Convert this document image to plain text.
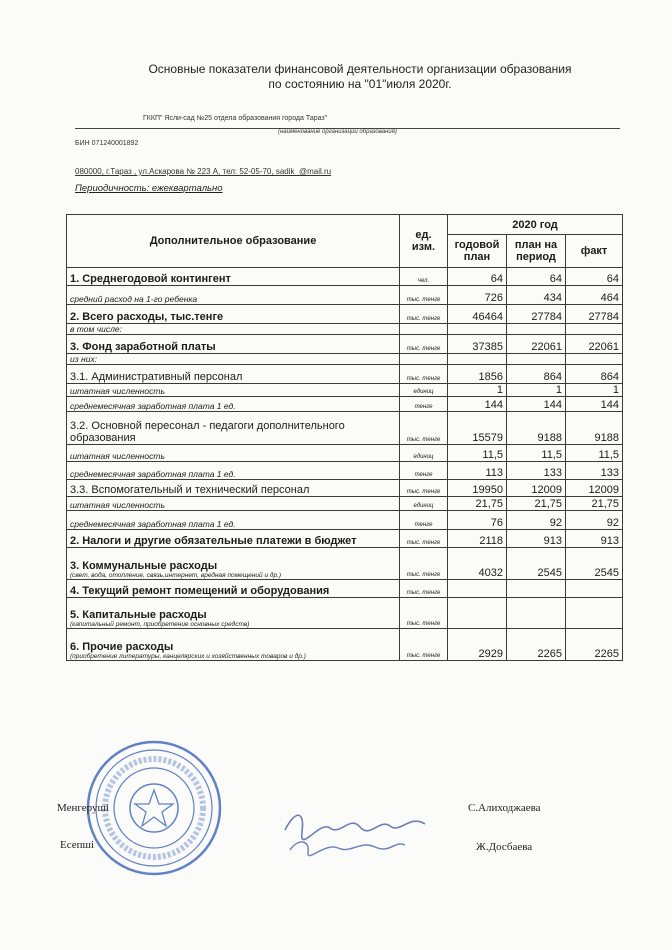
Основные показатели финансовой деятельности организации образования
по состоянию на "01"июля 2020г.
ГККП" Ясли-сад №25 отдела образования города Тараз"
(наименование организации образования)
БИН 071240001892
080000, г.Тараз , ул.Аскарова № 223 А, тел: 52-05-70, sadik_@mail.ru
Периодичность: ежеквартально
Дополнительное образование	ед. изм.	2020 год		
		годовой план	план на период	факт
1. Среднегодовой контингент	чел.	64	64	64
средний расход на 1-го ребенка	тыс. тенге	726	434	464
2. Всего расходы, тыс.тенге	тыс. тенге	46464	27784	27784
в том числе:				
3. Фонд заработной платы	тыс. тенге	37385	22061	22061
из них:				
3.1. Административный персонал	тыс. тенге	1856	864	864
штатная численность	единиц	1	1	1
среднемесячная заработная плата 1 ед.	тенге	144	144	144
3.2. Основной пересонал - педагоги дополнительного образования	тыс. тенге	15579	9188	9188
штатная численность	единиц	11,5	11,5	11,5
среднемесячная заработная плата 1 ед.	тенге	113	133	133
3.3. Вспомогательный и технический персонал	тыс. тенге	19950	12009	12009
штатная численность	единиц	21,75	21,75	21,75
среднемесячная заработная плата 1 ед.	тенге	76	92	92
2. Налоги и другие обязательные платежи в бюджет	тыс. тенге	2118	913	913

3. Коммунальные расходы
(свет, вода, отопление, связь,интернет, вредная помещений и др.)	тыс. тенге	4032	2545	2545
4. Текущий ремонт помещений и оборудования	тыс. тенге			

5. Капитальные расходы
(капитальный ремонт, приобретение основных средств)	тыс. тенге			

6. Прочие расходы
(приобретение литературы, канцелярских и хозяйственных товаров и др.)	тыс. тенге	2929	2265	2265
Менгеруші	С.Алиходжаева
Есепші	Ж.Досбаева
